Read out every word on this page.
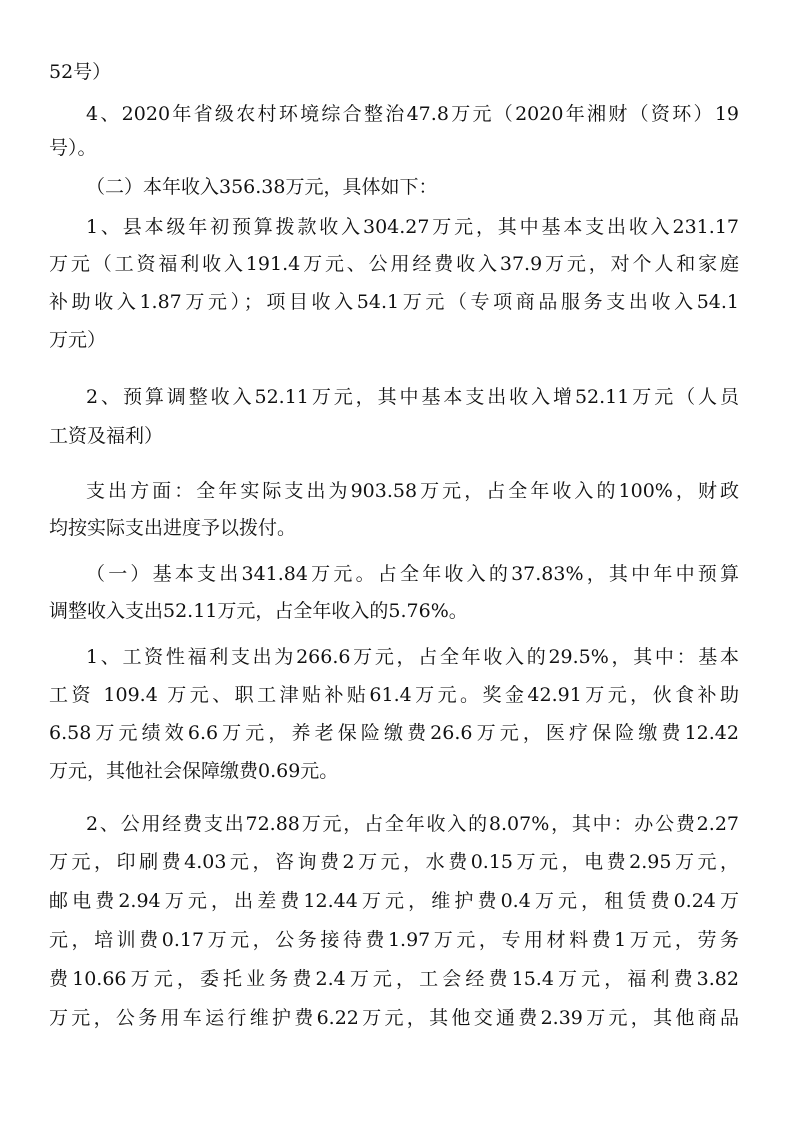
52号）
4、2020年省级农村环境综合整治47.8万元（2020年湘财（资环）19
号）。
（二）本年收入356.38万元，具体如下：
1、县本级年初预算拨款收入304.27万元，其中基本支出收入231.17
万元（工资福利收入191.4万元、公用经费收入37.9万元，对个人和家庭
补助收入1.87万元）；项目收入54.1万元（专项商品服务支出收入54.1
万元）
2、预算调整收入52.11万元，其中基本支出收入增52.11万元（人员
工资及福利）
支出方面：全年实际支出为903.58万元，占全年收入的100%，财政
均按实际支出进度予以拨付。
（一）基本支出341.84万元。占全年收入的37.83%，其中年中预算
调整收入支出52.11万元，占全年收入的5.76%。
1、工资性福利支出为266.6万元，占全年收入的29.5%，其中：基本
工资 109.4 万元、职工津贴补贴61.4万元。奖金42.91万元，伙食补助
6.58万元绩效6.6万元，养老保险缴费26.6万元，医疗保险缴费12.42
万元，其他社会保障缴费0.69元。
2、公用经费支出72.88万元，占全年收入的8.07%，其中：办公费2.27
万元，印刷费4.03元，咨询费2万元，水费0.15万元，电费2.95万元，
邮电费2.94万元，出差费12.44万元，维护费0.4万元，租赁费0.24万
元，培训费0.17万元，公务接待费1.97万元，专用材料费1万元，劳务
费10.66万元，委托业务费2.4万元，工会经费15.4万元，福利费3.82
万元，公务用车运行维护费6.22万元，其他交通费2.39万元，其他商品
